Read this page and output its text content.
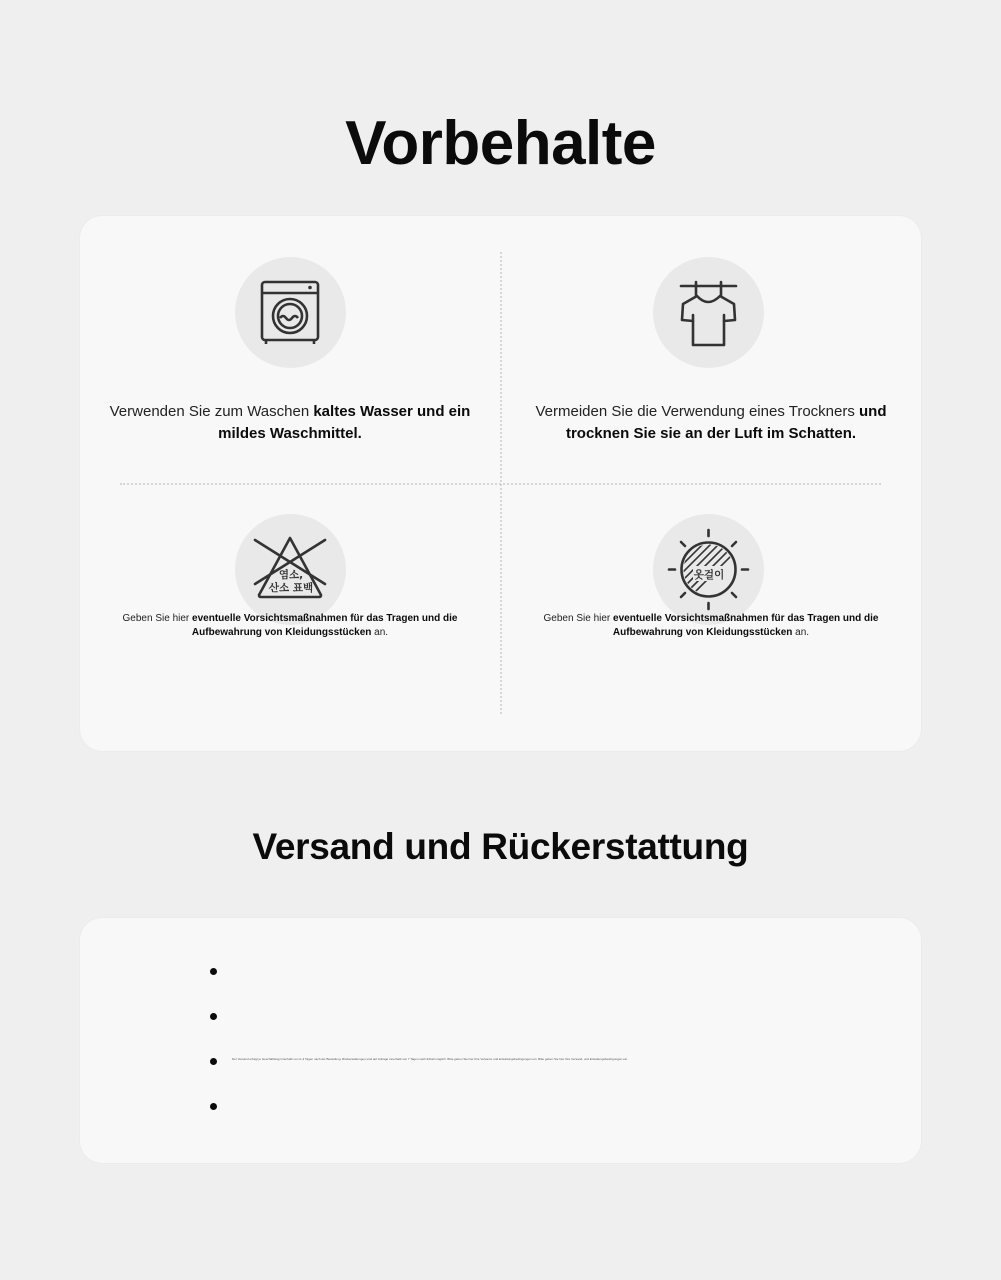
Vorbehalte

Verwenden Sie zum Waschen kaltes Wasser und ein mildes Waschmittel.

Vermeiden Sie die Verwendung eines Trockners und trocknen Sie sie an der Luft im Schatten.

염소,
산소 표백

Geben Sie hier eventuelle Vorsichtsmaßnahmen für das Tragen und die Aufbewahrung von Kleidungsstücken an.

옷걸이

Geben Sie hier eventuelle Vorsichtsmaßnahmen für das Tragen und die Aufbewahrung von Kleidungsstücken an.

Versand und Rückerstattung
Der Versand erfolgt je Geschäftstag innerhalb von 2–3 Tagen nach der Bestellung. Rückerstattungen sind auf Anfrage innerhalb von 7 Tagen nach Erhalt möglich. Bitte geben Sie hier Ihre Versand- und Erstattungsbedingungen ein. Bitte geben Sie hier Ihre Versand- und Erstattungsbedingungen ein.
